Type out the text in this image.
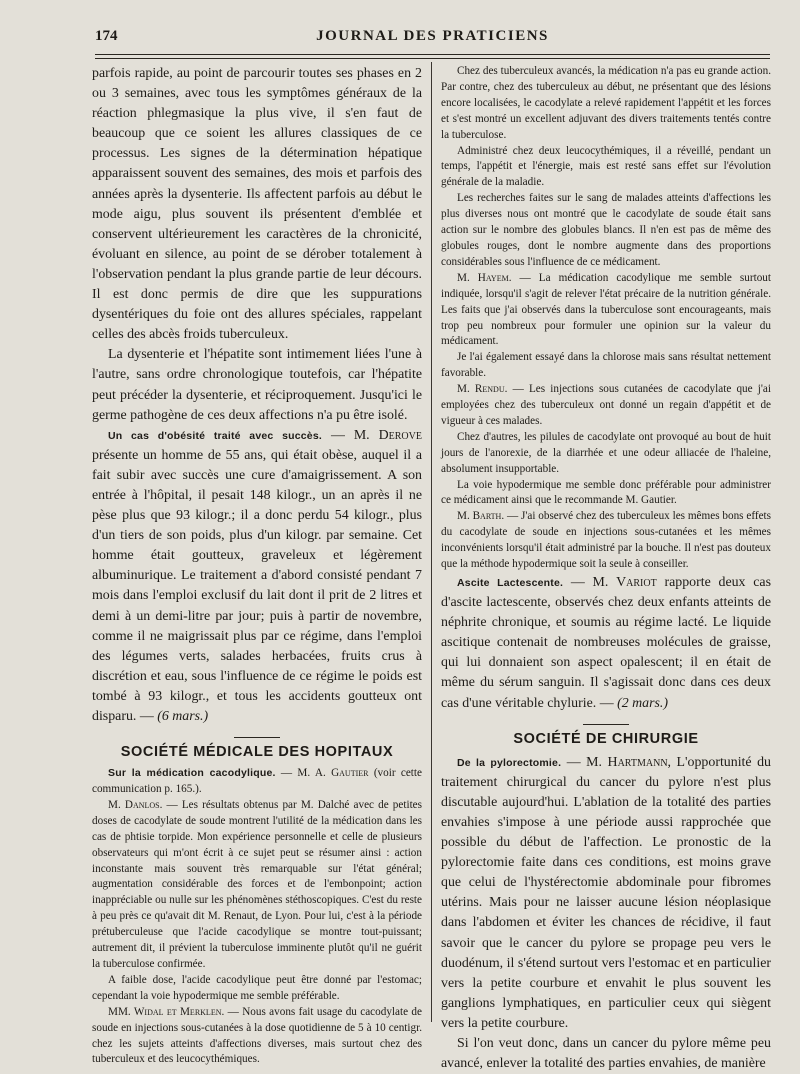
174	JOURNAL DES PRATICIENS

parfois rapide, au point de parcourir toutes ses phases en 2 ou 3 semaines, avec tous les symptômes généraux de la réaction phlegmasique la plus vive, il s'en faut de beaucoup que ce soient les allures classiques de ce processus. Les signes de la détermination hépatique apparaissent souvent des semaines, des mois et parfois des années après la dysenterie. Ils affectent parfois au début le mode aigu, plus souvent ils présentent d'emblée et conservent ultérieurement les caractères de la chronicité, évoluant en silence, au point de se dérober totalement à l'observation pendant la plus grande partie de leur décours. Il est donc permis de dire que les suppurations dysentériques du foie ont des allures spéciales, rappelant celles des abcès froids tuberculeux.

La dysenterie et l'hépatite sont intimement liées l'une à l'autre, sans ordre chronologique toutefois, car l'hépatite peut précéder la dysenterie, et réciproquement. Jusqu'ici le germe pathogène de ces deux affections n'a pu être isolé.

Un cas d'obésité traité avec succès. — M. Derove présente un homme de 55 ans, qui était obèse, auquel il a fait subir avec succès une cure d'amaigrissement. A son entrée à l'hôpital, il pesait 148 kilogr., un an après il ne pèse plus que 93 kilogr.; il a donc perdu 54 kilogr., plus d'un tiers de son poids, plus d'un kilogr. par semaine. Cet homme était goutteux, graveleux et légèrement albuminurique. Le traitement a d'abord consisté pendant 7 mois dans l'emploi exclusif du lait dont il prit de 2 litres et demi à un demi-litre par jour; puis à partir de novembre, comme il ne maigrissait plus par ce régime, dans l'emploi des légumes verts, salades herbacées, fruits crus à discrétion et eau, sous l'influence de ce régime le poids est tombé à 93 kilogr., et tous les accidents goutteux ont disparu. — (6 mars.)

SOCIÉTÉ MÉDICALE DES HOPITAUX

Sur la médication cacodylique. — M. A. Gautier (voir cette communication p. 165.).

M. Danlos. — Les résultats obtenus par M. Dalché avec de petites doses de cacodylate de soude montrent l'utilité de la médication dans les cas de phtisie torpide. Mon expérience personnelle et celle de plusieurs observateurs qui m'ont écrit à ce sujet peut se résumer ainsi : action inconstante mais souvent très remarquable sur l'état général; augmentation considérable des forces et de l'embonpoint; action inappréciable ou nulle sur les phénomènes stéthoscopiques. C'est du reste à peu près ce qu'avait dit M. Renaut, de Lyon. Pour lui, c'est à la période prétuberculeuse que l'acide cacodylique se montre tout-puissant; autrement dit, il prévient la tuberculose imminente plutôt qu'il ne guérit la tuberculose confirmée.

A faible dose, l'acide cacodylique peut être donné par l'estomac; cependant la voie hypodermique me semble préférable.

MM. Widal et Merklen. — Nous avons fait usage du cacodylate de soude en injections sous-cutanées à la dose quotidienne de 5 à 10 centigr. chez les sujets atteints d'affections diverses, mais surtout chez des tuberculeux et des leucocythémiques.

Chez des tuberculeux avancés, la médication n'a pas eu grande action. Par contre, chez des tuberculeux au début, ne présentant que des lésions encore localisées, le cacodylate a relevé rapidement l'appétit et les forces et s'est montré un excellent adjuvant des divers traitements tentés contre la tuberculose.

Administré chez deux leucocythémiques, il a réveillé, pendant un temps, l'appétit et l'énergie, mais est resté sans effet sur l'évolution générale de la maladie.

Les recherches faites sur le sang de malades atteints d'affections les plus diverses nous ont montré que le cacodylate de soude était sans action sur le nombre des globules blancs. Il n'en est pas de même des globules rouges, dont le nombre augmente dans des proportions considérables sous l'influence de ce médicament.

M. Hayem. — La médication cacodylique me semble surtout indiquée, lorsqu'il s'agit de relever l'état précaire de la nutrition générale. Les faits que j'ai observés dans la tuberculose sont encourageants, mais trop peu nombreux pour formuler une opinion sur la valeur du médicament.

Je l'ai également essayé dans la chlorose mais sans résultat nettement favorable.

M. Rendu. — Les injections sous cutanées de cacodylate que j'ai employées chez des tuberculeux ont donné un regain d'appétit et de vigueur à ces malades.

Chez d'autres, les pilules de cacodylate ont provoqué au bout de huit jours de l'anorexie, de la diarrhée et une odeur alliacée de l'haleine, absolument insupportable.

La voie hypodermique me semble donc préférable pour administrer ce médicament ainsi que le recommande M. Gautier.

M. Barth. — J'ai observé chez des tuberculeux les mêmes bons effets du cacodylate de soude en injections sous-cutanées et les mêmes inconvénients lorsqu'il était administré par la bouche. Il n'est pas douteux que la méthode hypodermique soit la seule à conseiller.

Ascite Lactescente. — M. Variot rapporte deux cas d'ascite lactescente, observés chez deux enfants atteints de néphrite chronique, et soumis au régime lacté. Le liquide ascitique contenait de nombreuses molécules de graisse, qui lui donnaient son aspect opalescent; il en était de même du sérum sanguin. Il s'agissait donc dans ces deux cas d'une véritable chylurie. — (2 mars.)

SOCIÉTÉ DE CHIRURGIE

De la pylorectomie. — M. Hartmann, L'opportunité du traitement chirurgical du cancer du pylore n'est plus discutable aujourd'hui. L'ablation de la totalité des parties envahies s'impose à une période aussi rapprochée que possible du début de l'affection. Le pronostic de la pylorectomie faite dans ces conditions, est moins grave que celui de l'hystérectomie abdominale pour fibromes utérins. Mais pour ne laisser aucune lésion néoplasique dans l'abdomen et éviter les chances de récidive, il faut savoir que le cancer du pylore se propage peu vers le duodénum, il s'étend surtout vers l'estomac et en particulier vers la petite courbure et envahit le plus souvent les ganglions lymphatiques, en particulier ceux qui siègent vers la petite courbure.

Si l'on veut donc, dans un cancer du pylore même peu avancé, enlever la totalité des parties envahies, de manière
